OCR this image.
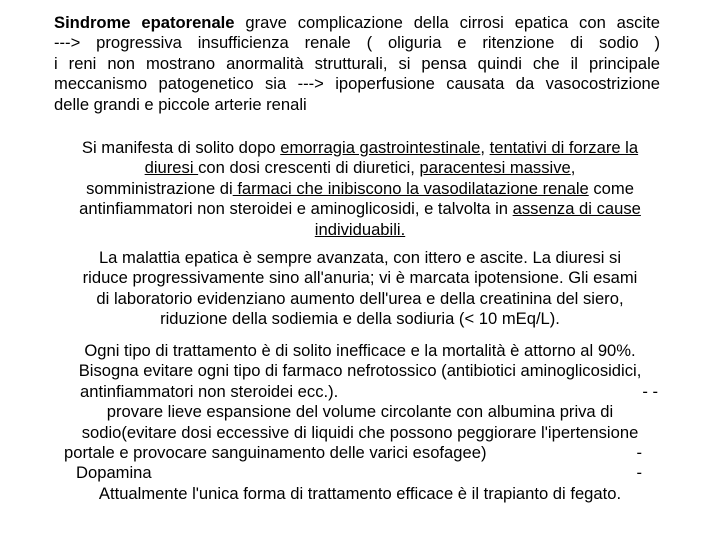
Sindrome epatorenale grave complicazione della cirrosi epatica con ascite
---> progressiva insufficienza renale ( oliguria e ritenzione di sodio )
i reni non mostrano anormalità strutturali, si pensa quindi che il principale
meccanismo patogenetico sia ---> ipoperfusione causata da vasocostrizione
delle grandi e piccole arterie renali
Si manifesta di solito dopo emorragia gastrointestinale, tentativi di forzare la
diuresi con dosi crescenti di diuretici, paracentesi massive,
somministrazione di farmaci che inibiscono la vasodilatazione renale come
antinfiammatori non steroidei e aminoglicosidi, e talvolta in assenza di cause
individuabili.
La malattia epatica è sempre avanzata, con ittero e ascite. La diuresi si
riduce progressivamente sino all'anuria; vi è marcata ipotensione. Gli esami
di laboratorio evidenziano aumento dell'urea e della creatinina del siero,
riduzione della sodiemia e della sodiuria (< 10 mEq/L).
Ogni tipo di trattamento è di solito inefficace e la mortalità è attorno al 90%.
Bisogna evitare ogni tipo di farmaco nefrotossico (antibiotici aminoglicosidici,
antinfiammatori non steroidei ecc.).	- -
provare lieve espansione del volume circolante con albumina priva di
sodio(evitare dosi eccessive di liquidi che possono peggiorare l'ipertensione
portale e provocare sanguinamento delle varici esofagee)	-
Dopamina	-
Attualmente l'unica forma di trattamento efficace è il trapianto di fegato.
